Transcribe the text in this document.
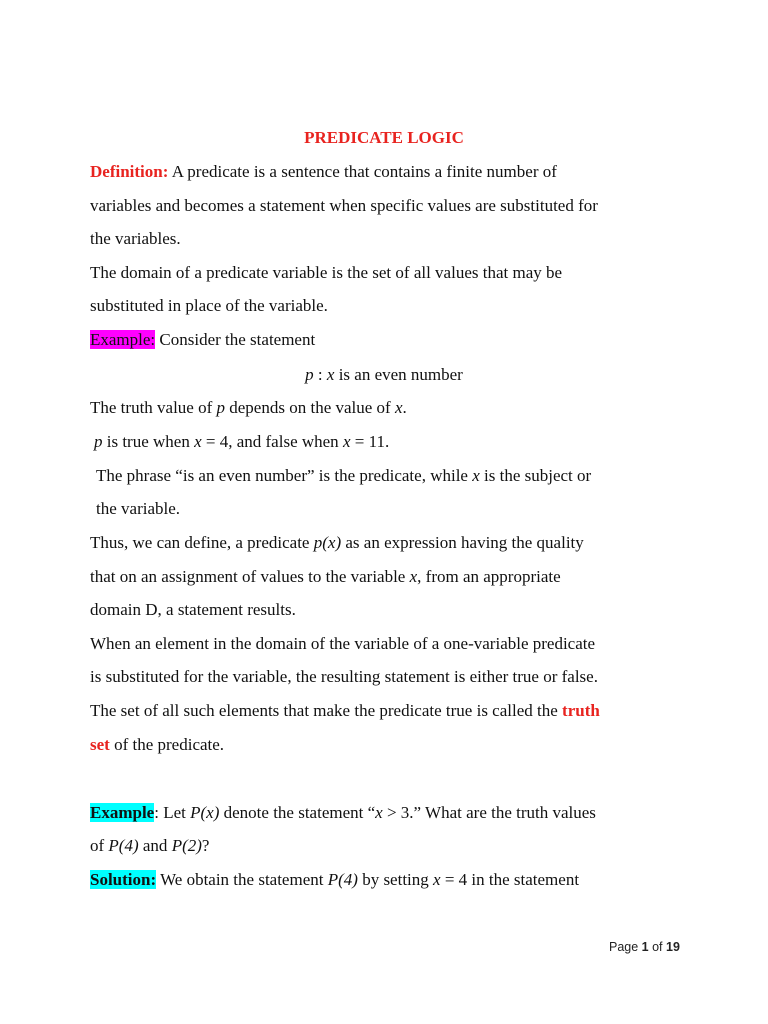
PREDICATE LOGIC
Definition: A predicate is a sentence that contains a finite number of
variables and becomes a statement when specific values are substituted for
the variables.
The domain of a predicate variable is the set of all values that may be
substituted in place of the variable.
Example: Consider the statement
p : x is an even number
The truth value of p depends on the value of x.
p is true when x = 4, and false when x = 11.
The phrase “is an even number” is the predicate, while x is the subject or
the variable.
Thus, we can define, a predicate p(x) as an expression having the quality
that on an assignment of values to the variable x, from an appropriate
domain D, a statement results.
When an element in the domain of the variable of a one-variable predicate
is substituted for the variable, the resulting statement is either true or false.
The set of all such elements that make the predicate true is called the truth
set of the predicate.
Example: Let P(x) denote the statement “x > 3.” What are the truth values
of P(4) and P(2)?
Solution: We obtain the statement P(4) by setting x = 4 in the statement
Page 1 of 19
